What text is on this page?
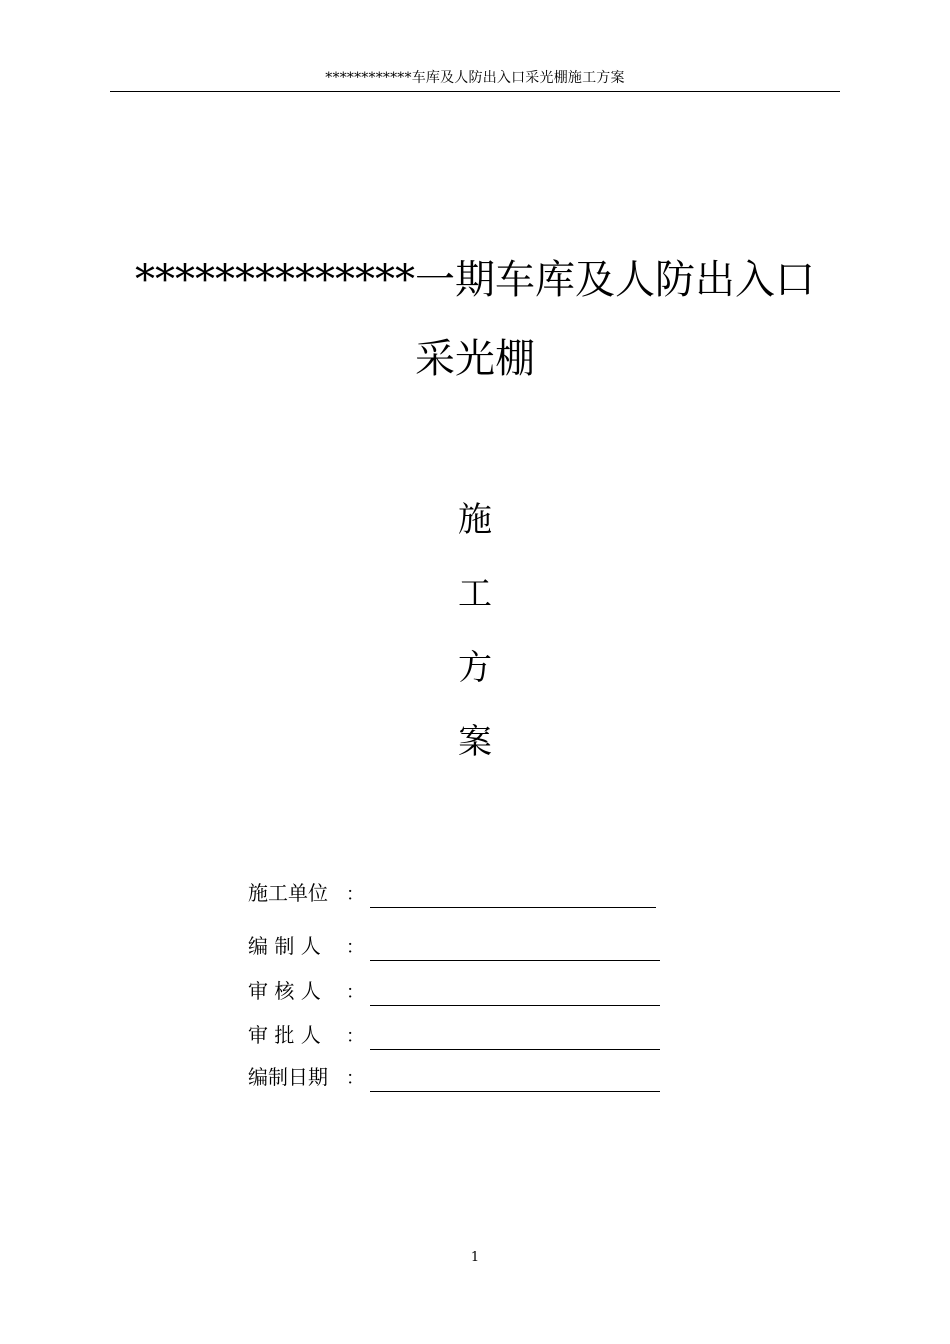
************车库及人防出入口采光棚施工方案
**************一期车库及人防出入口
采光棚
施
工
方
案
施工单位 ：
编 制 人 ：
审 核 人 ：
审 批 人 ：
编制日期 ：
1
